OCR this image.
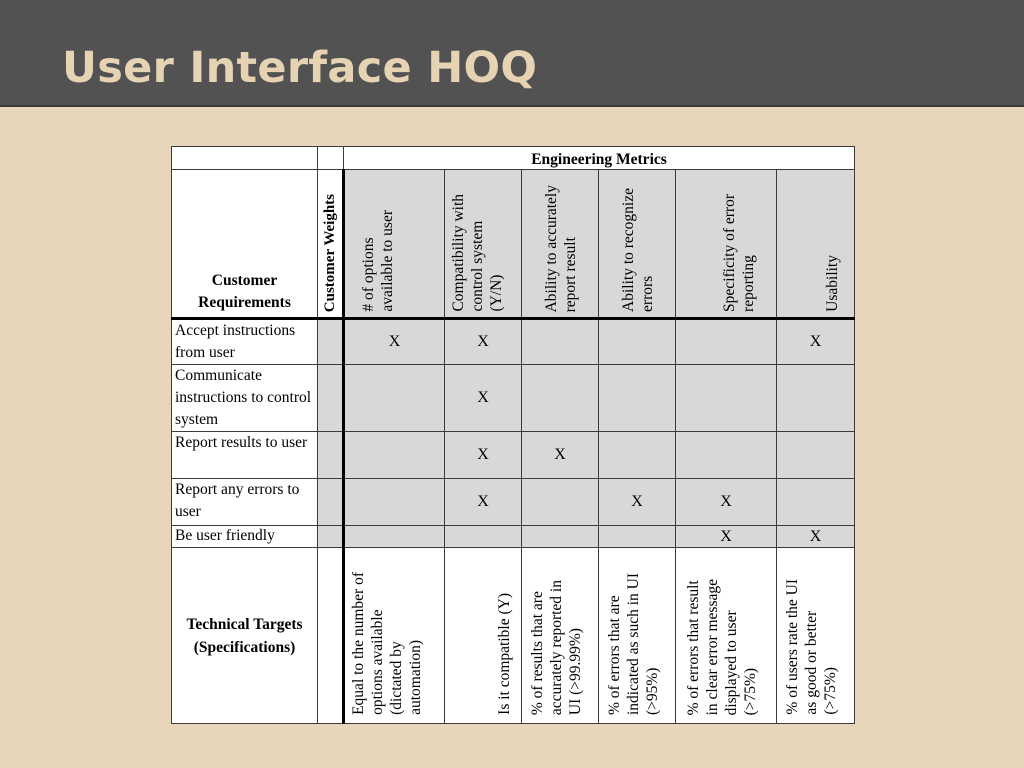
User Interface HOQ
		Engineering Metrics					
Customer Requirements	Customer Weights	# of options
available to user	Compatibility with
control system
(Y/N)	Ability to accurately
report result	Ability to recognize
errors	Specificity of error
reporting	Usability
Accept instructions from user		X	X				X
Communicate instructions to control system			X				
Report results to user			X	X			
Report any errors to user			X		X	X	
Be user friendly						X	X
Technical Targets
(Specifications)		Equal to the number of
options available
(dictated by
automation)	Is it compatible (Y)	% of results that are
accurately reported in
UI (>99.99%)	% of errors that are
indicated as such in UI
(>95%)	% of errors that result
in clear error message
displayed to user
(>75%)	% of users rate the UI
as good or better
(>75%)
